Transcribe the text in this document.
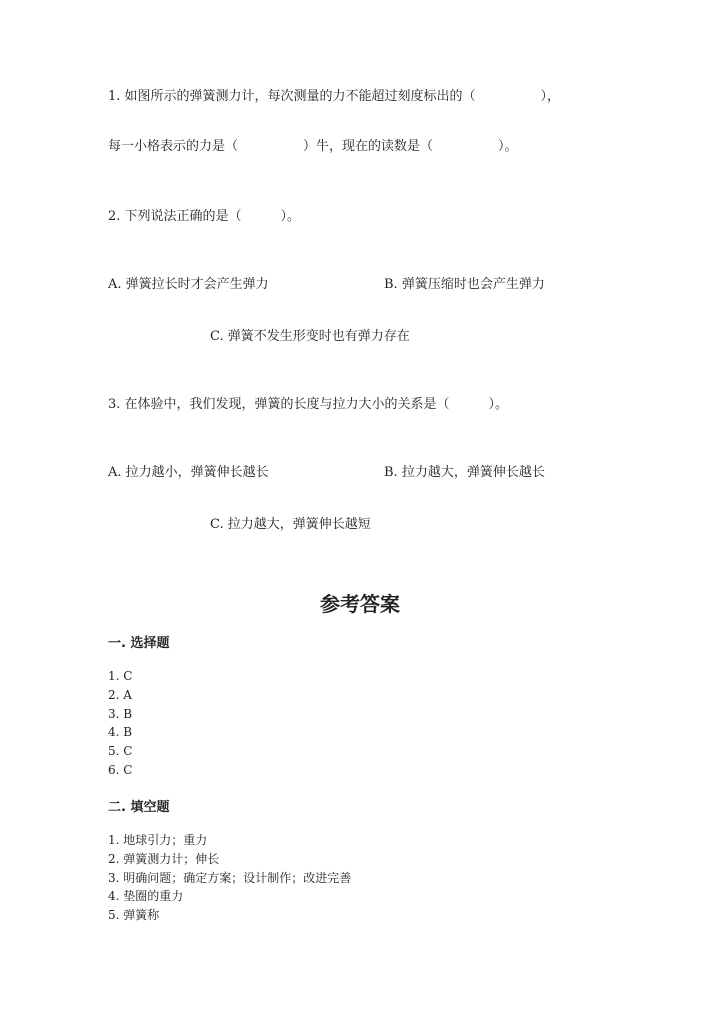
1. 如图所示的弹簧测力计，每次测量的力不能超过刻度标出的（　　　　　），
每一小格表示的力是（　　　　　）牛，现在的读数是（　　　　　）。
2. 下列说法正确的是（　　　）。
A. 弹簧拉长时才会产生弹力	B. 弹簧压缩时也会产生弹力
C. 弹簧不发生形变时也有弹力存在
3. 在体验中，我们发现，弹簧的长度与拉力大小的关系是（　　　）。
A. 拉力越小，弹簧伸长越长	B. 拉力越大，弹簧伸长越长
C. 拉力越大，弹簧伸长越短
参考答案
一. 选择题
1. C
2. A
3. B
4. B
5. C
6. C
二. 填空题
1. 地球引力；重力
2. 弹簧测力计；伸长
3. 明确问题；确定方案；设计制作；改进完善
4. 垫圈的重力
5. 弹簧称
